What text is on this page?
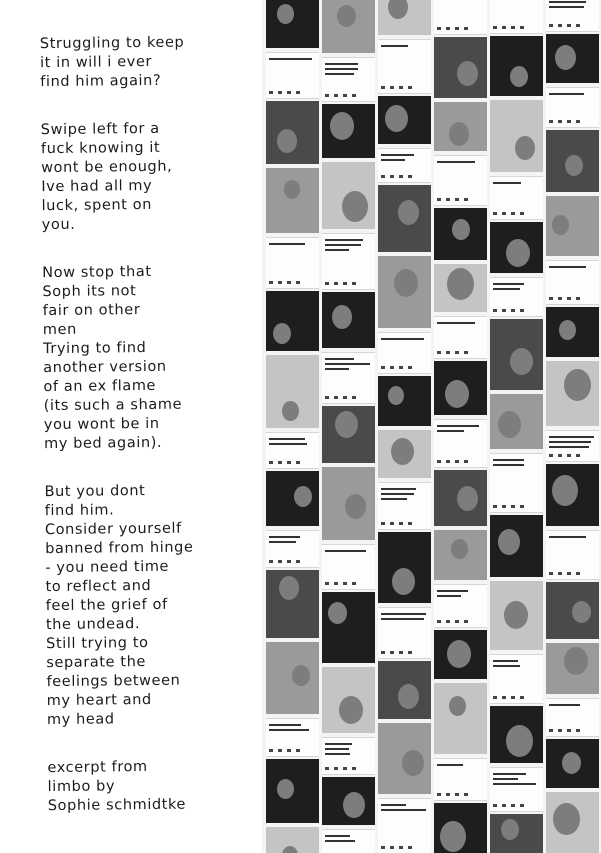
Struggling to keep
it in will i ever
find him again?
Swipe left for a
fuck knowing it
wont be enough,
Ive had all my
luck, spent on
you.
Now stop that
Soph its not
fair on other
men
Trying to find
another version
of an ex flame
(its such a shame
you wont be in
my bed again).
But you dont
find him.
Consider yourself
banned from hinge
- you need time
to reflect and
feel the grief of
the undead.
Still trying to
separate the
feelings between
my heart and
my head
excerpt from
limbo by
Sophie schmidtke
